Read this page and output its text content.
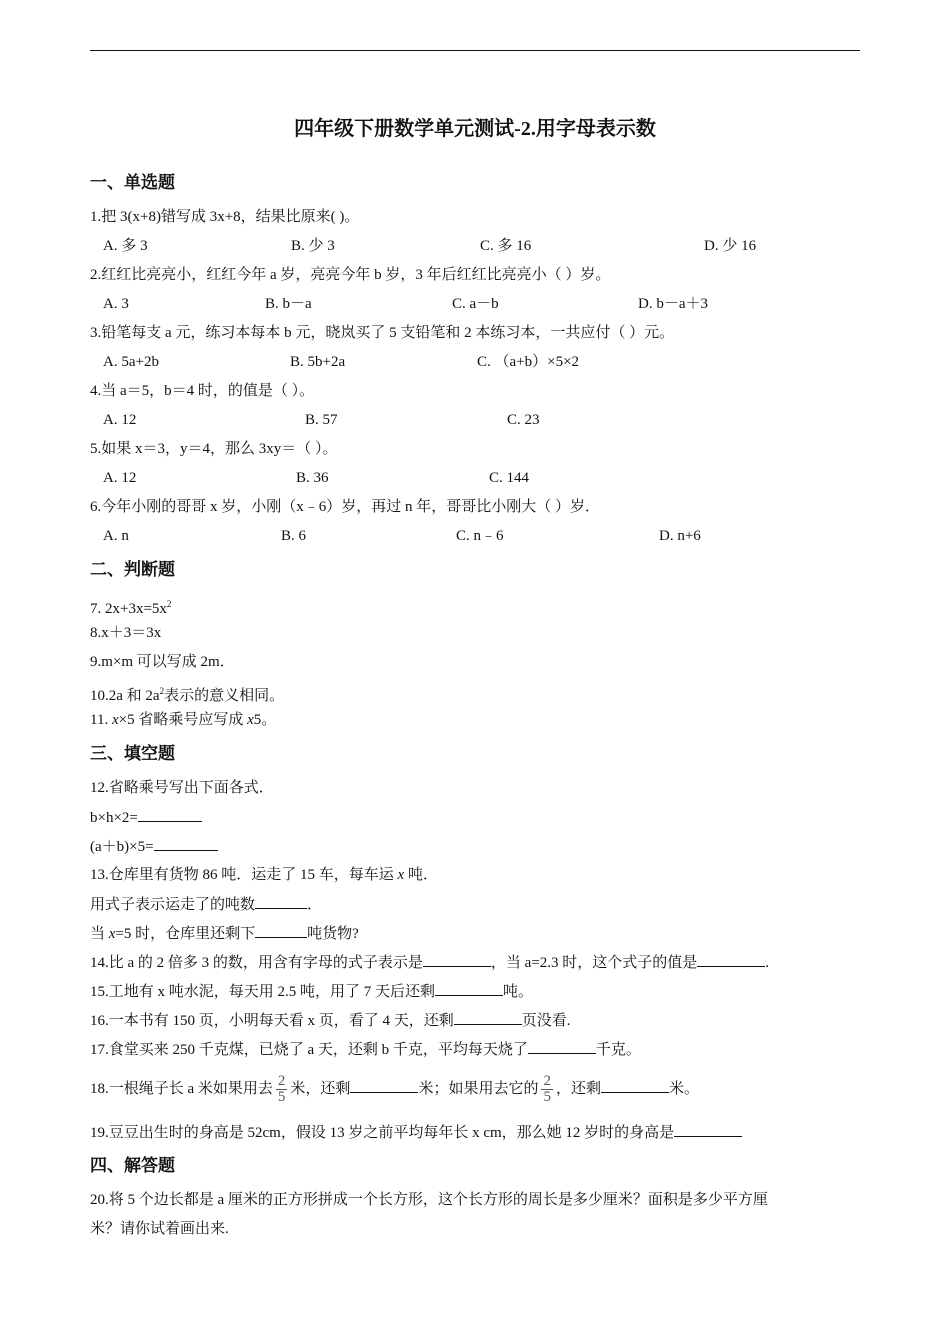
四年级下册数学单元测试-2.用字母表示数
一、单选题
1.把 3(x+8)错写成 3x+8，结果比原来( )。
A. 多 3	B. 少 3	C. 多 16	D. 少 16
2.红红比亮亮小，红红今年 a 岁，亮亮今年 b 岁，3 年后红红比亮亮小（ ）岁。
A. 3	B. b－a	C. a－b	D. b－a＋3
3.铅笔每支 a 元，练习本每本 b 元，晓岚买了 5 支铅笔和 2 本练习本，一共应付（ ）元。
A. 5a+2b	B. 5b+2a	C. （a+b）×5×2
4.当 a＝5，b＝4 时，的值是（ ）。
A. 12	B. 57	C. 23
5.如果 x＝3，y＝4，那么 3xy＝（ ）。
A. 12	B. 36	C. 144
6.今年小刚的哥哥 x 岁，小刚（x﹣6）岁，再过 n 年，哥哥比小刚大（ ）岁．
A. n	B. 6	C. n﹣6	D. n+6
二、判断题
7. $2x+3x=5x^2$
8.x＋3＝3x
9.m×m 可以写成 2m．
10.2a 和 $2a^2$表示的意义相同。
11. x×5 省略乘号应写成 x5。
三、填空题
12.省略乘号写出下面各式．
b×h×2=
(a＋b)×5=
13.仓库里有货物 86 吨．运走了 15 车，每车运 x 吨．
用式子表示运走了的吨数	．
当 x=5 时，仓库里还剩下	吨货物?
14.比 a 的 2 倍多 3 的数，用含有字母的式子表示是	，当 a=2.3 时，这个式子的值是	.
15.工地有 x 吨水泥，每天用 2.5 吨，用了 7 天后还剩	吨。
16.一本书有 150 页，小明每天看 x 页，看了 4 天，还剩	页没看.
17.食堂买来 250 千克煤，已烧了 a 天，还剩 b 千克，平均每天烧了	千克。
18.一根绳子长 a 米如果用去 $\frac{2}{5}$ 米，还剩	米；如果用去它的 $\frac{2}{5}$ ，还剩	米。
19.豆豆出生时的身高是 52cm，假设 13 岁之前平均每年长 x cm，那么她 12 岁时的身高是
四、解答题
20.将 5 个边长都是 a 厘米的正方形拼成一个长方形，这个长方形的周长是多少厘米？面积是多少平方厘
米？请你试着画出来.
